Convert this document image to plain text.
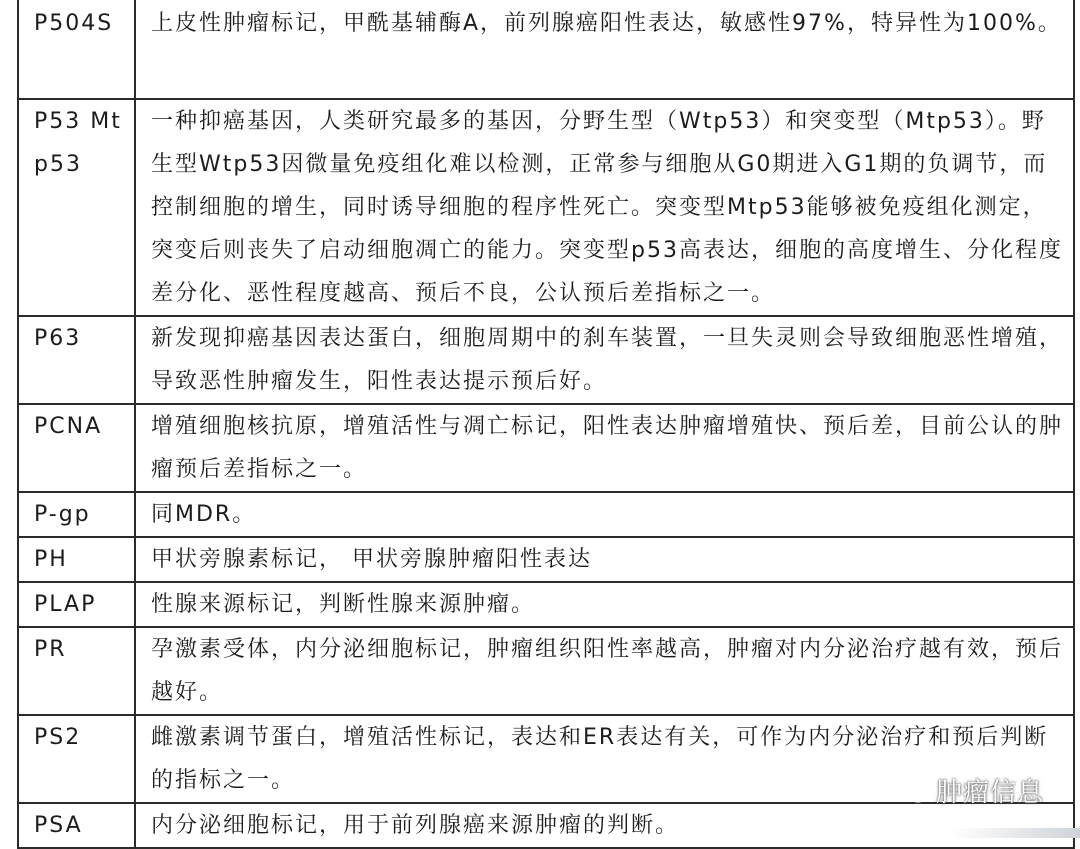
P504S	上皮性肿瘤标记，甲酰基辅酶A，前列腺癌阳性表达，敏感性97%，特异性为100%。
P53 Mtp53	一种抑癌基因，人类研究最多的基因，分野生型（Wtp53）和突变型（Mtp53）。野生型Wtp53因微量免疫组化难以检测，正常参与细胞从G0期进入G1期的负调节，而控制细胞的增生，同时诱导细胞的程序性死亡。突变型Mtp53能够被免疫组化测定，突变后则丧失了启动细胞凋亡的能力。突变型p53高表达，细胞的高度增生、分化程度差分化、恶性程度越高、预后不良，公认预后差指标之一。
P63	新发现抑癌基因表达蛋白，细胞周期中的刹车装置，一旦失灵则会导致细胞恶性增殖，导致恶性肿瘤发生，阳性表达提示预后好。
PCNA	增殖细胞核抗原，增殖活性与凋亡标记，阳性表达肿瘤增殖快、预后差，目前公认的肿瘤预后差指标之一。
P-gp	同MDR。
PH	甲状旁腺素标记， 甲状旁腺肿瘤阳性表达
PLAP	性腺来源标记，判断性腺来源肿瘤。
PR	孕激素受体，内分泌细胞标记，肿瘤组织阳性率越高，肿瘤对内分泌治疗越有效，预后越好。
PS2	雌激素调节蛋白，增殖活性标记，表达和ER表达有关，可作为内分泌治疗和预后判断的指标之一。
PSA	内分泌细胞标记，用于前列腺癌来源肿瘤的判断。
肿瘤信息
